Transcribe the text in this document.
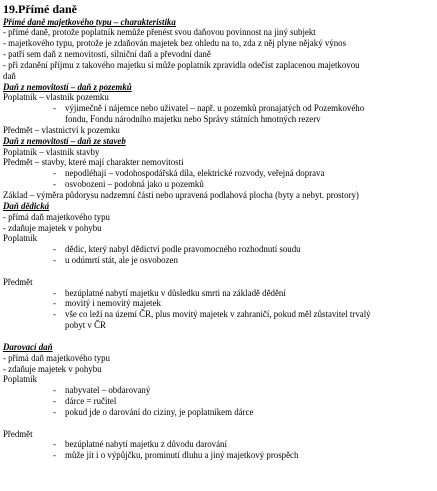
19.Přímé daně
Přímé daně majetkového typu – charakteristika
- přímé daně, protože poplatník nemůže přenést svou daňovou povinnost na jiný subjekt
- majetkového typu, protože je zdaňován majetek bez ohledu na to, zda z něj plyne nějaký výnos
- patří sem daň z nemovitostí, silniční daň a převodní daně
- při zdanění příjmu z takového majetku si může poplatník zpravidla odečíst zaplacenou majetkovou
daň
Daň z nemovitostí – daň z pozemků
Poplatník – vlastník pozemku
- výjimečně i nájemce nebo uživatel – např. u pozemků pronajatých od Pozemkového
fondu, Fondu národního majetku nebo Správy státních hmotných rezerv
Předmět – vlastnictví k pozemku
Daň z nemovitostí – daň ze staveb
Poplatník – vlastník stavby
Předmět – stavby, které mají charakter nemovitosti
- nepodléhají – vodohospodářská díla, elektrické rozvody, veřejná doprava
- osvobozeni – podobná jako u pozemků
Základ – výměra půdorysu nadzemní části nebo upravená podlahová plocha (byty a nebyt. prostory)
Daň dědická
- přímá daň majetkového typu
- zdaňuje majetek v pohybu
Poplatník
- dědic, který nabyl dědictví podle pravomocného rozhodnutí soudu
- u odúmrtí stát, ale je osvobozen
Předmět
- bezúplatné nabytí majetku v důsledku smrti na základě dědění
- movitý i nemovitý majetek
- vše co leží na území ČR, plus movitý majetek v zahraničí, pokud měl zůstavitel trvalý
pobyt v ČR
Darovací daň
- přímá daň majetkového typu
- zdaňuje majetek v pohybu
Poplatník
- nabyvatel – obdarovaný
- dárce = ručitel
- pokud jde o darování do ciziny, je poplatníkem dárce
Předmět
- bezúplatné nabytí majetku z důvodu darování
- může jít i o výpůjčku, prominutí dluhu a jiný majetkový prospěch
